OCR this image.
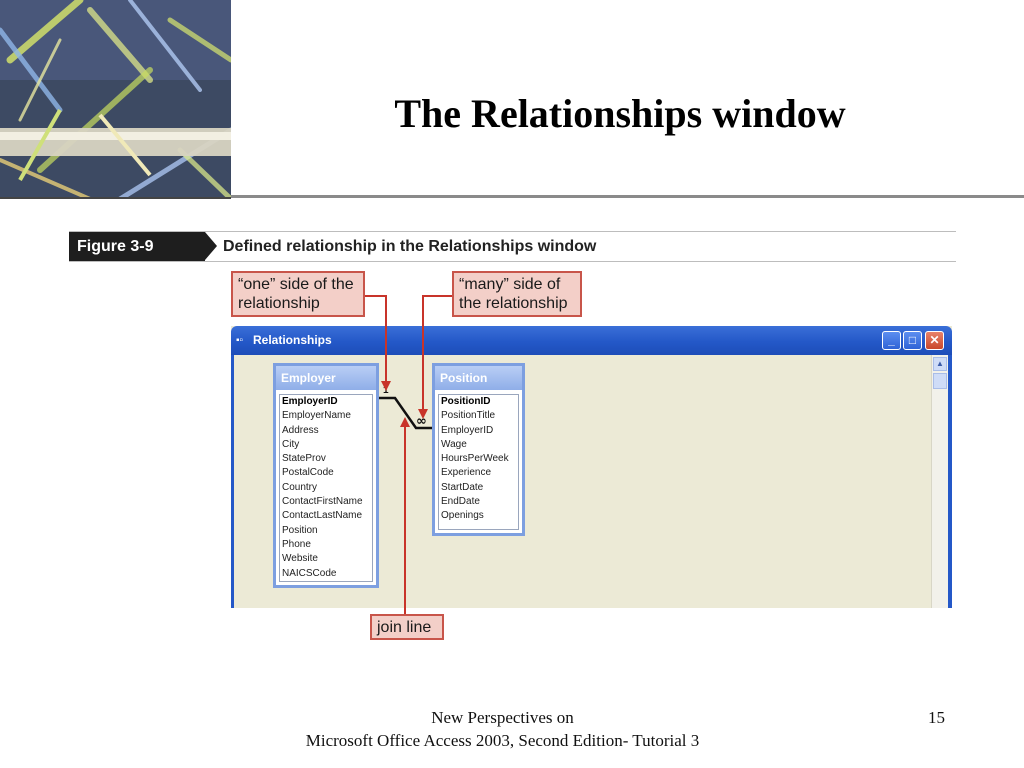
The Relationships window
Figure 3-9	Defined relationship in the Relationships window
“one” side of the
relationship
“many” side of
the relationship
join line
▪▫ Relationships	_	□	✕
▲
Employer
EmployerID
EmployerName
Address
City
StateProv
PostalCode
Country
ContactFirstName
ContactLastName
Position
Phone
Website
NAICSCode
Position
PositionID
PositionTitle
EmployerID
Wage
HoursPerWeek
Experience
StartDate
EndDate
Openings
1
∞
New Perspectives on
Microsoft Office Access 2003, Second Edition- Tutorial 3
15
